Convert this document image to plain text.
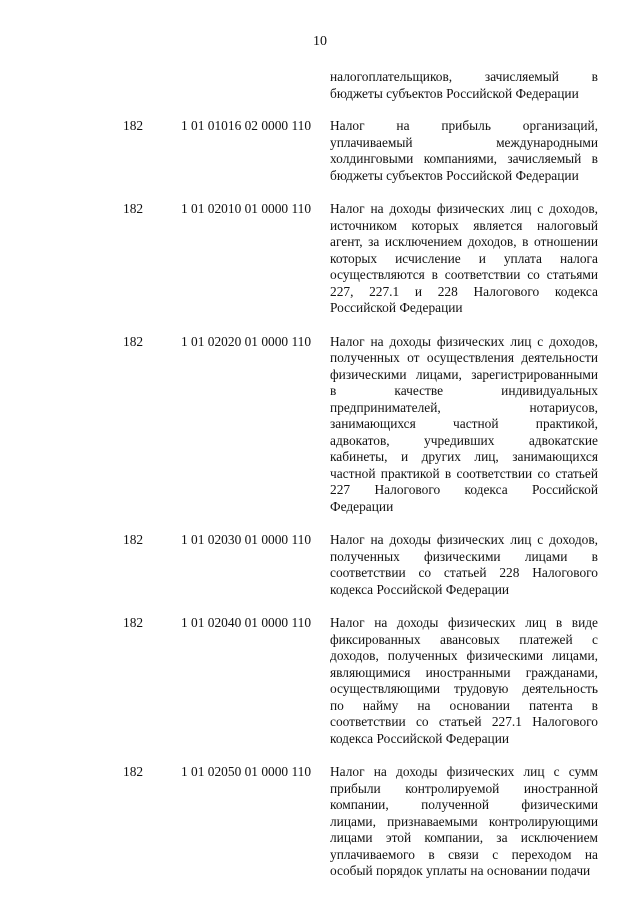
10
налогоплательщиков, зачисляемый в
бюджеты субъектов Российской Федерации
182	1 01 01016 02 0000 110	Налог на прибыль организаций,
уплачиваемый международными
холдинговыми компаниями, зачисляемый в
бюджеты субъектов Российской Федерации
182	1 01 02010 01 0000 110	Налог на доходы физических лиц с доходов,
источником которых является налоговый
агент, за исключением доходов, в отношении
которых исчисление и уплата налога
осуществляются в соответствии со статьями
227, 227.1 и 228 Налогового кодекса
Российской Федерации
182	1 01 02020 01 0000 110	Налог на доходы физических лиц с доходов,
полученных от осуществления деятельности
физическими лицами, зарегистрированными
в качестве индивидуальных
предпринимателей, нотариусов,
занимающихся частной практикой,
адвокатов, учредивших адвокатские
кабинеты, и других лиц, занимающихся
частной практикой в соответствии со статьей
227 Налогового кодекса Российской
Федерации
182	1 01 02030 01 0000 110	Налог на доходы физических лиц с доходов,
полученных физическими лицами в
соответствии со статьей 228 Налогового
кодекса Российской Федерации
182	1 01 02040 01 0000 110	Налог на доходы физических лиц в виде
фиксированных авансовых платежей с
доходов, полученных физическими лицами,
являющимися иностранными гражданами,
осуществляющими трудовую деятельность
по найму на основании патента в
соответствии со статьей 227.1 Налогового
кодекса Российской Федерации
182	1 01 02050 01 0000 110	Налог на доходы физических лиц с сумм
прибыли контролируемой иностранной
компании, полученной физическими
лицами, признаваемыми контролирующими
лицами этой компании, за исключением
уплачиваемого в связи с переходом на
особый порядок уплаты на основании подачи
